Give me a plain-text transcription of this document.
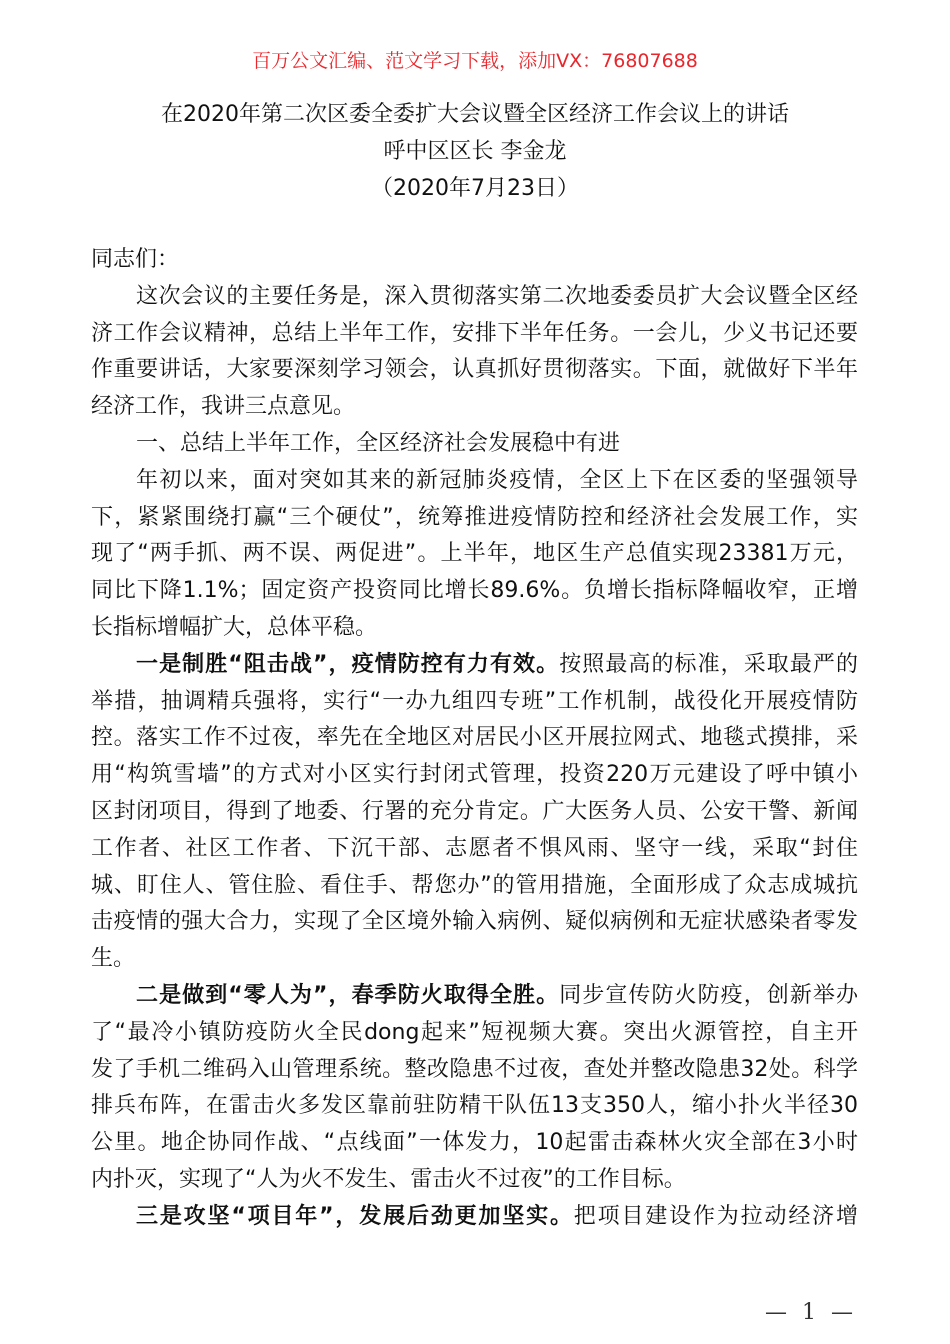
百万公文汇编、范文学习下载，添加VX：76807688
在2020年第二次区委全委扩大会议暨全区经济工作会议上的讲话
呼中区区长 李金龙
（2020年7月23日）
同志们：
这次会议的主要任务是，深入贯彻落实第二次地委委员扩大会议暨全区经
济工作会议精神，总结上半年工作，安排下半年任务。一会儿，少义书记还要
作重要讲话，大家要深刻学习领会，认真抓好贯彻落实。下面，就做好下半年
经济工作，我讲三点意见。
一、总结上半年工作，全区经济社会发展稳中有进
年初以来，面对突如其来的新冠肺炎疫情，全区上下在区委的坚强领导
下，紧紧围绕打赢“三个硬仗”，统筹推进疫情防控和经济社会发展工作，实
现了“两手抓、两不误、两促进”。上半年，地区生产总值实现23381万元，
同比下降1.1%；固定资产投资同比增长89.6%。负增长指标降幅收窄，正增
长指标增幅扩大，总体平稳。
一是制胜“阻击战”，疫情防控有力有效。按照最高的标准，采取最严的
举措，抽调精兵强将，实行“一办九组四专班”工作机制，战役化开展疫情防
控。落实工作不过夜，率先在全地区对居民小区开展拉网式、地毯式摸排，采
用“构筑雪墙”的方式对小区实行封闭式管理，投资220万元建设了呼中镇小
区封闭项目，得到了地委、行署的充分肯定。广大医务人员、公安干警、新闻
工作者、社区工作者、下沉干部、志愿者不惧风雨、坚守一线，采取“封住
城、盯住人、管住脸、看住手、帮您办”的管用措施，全面形成了众志成城抗
击疫情的强大合力，实现了全区境外输入病例、疑似病例和无症状感染者零发
生。
二是做到“零人为”，春季防火取得全胜。同步宣传防火防疫，创新举办
了“最冷小镇防疫防火全民dong起来”短视频大赛。突出火源管控，自主开
发了手机二维码入山管理系统。整改隐患不过夜，查处并整改隐患32处。科学
排兵布阵，在雷击火多发区靠前驻防精干队伍13支350人，缩小扑火半径30
公里。地企协同作战、“点线面”一体发力，10起雷击森林火灾全部在3小时
内扑灭，实现了“人为火不发生、雷击火不过夜”的工作目标。
三是攻坚“项目年”，发展后劲更加坚实。把项目建设作为拉动经济增
— 1 —
